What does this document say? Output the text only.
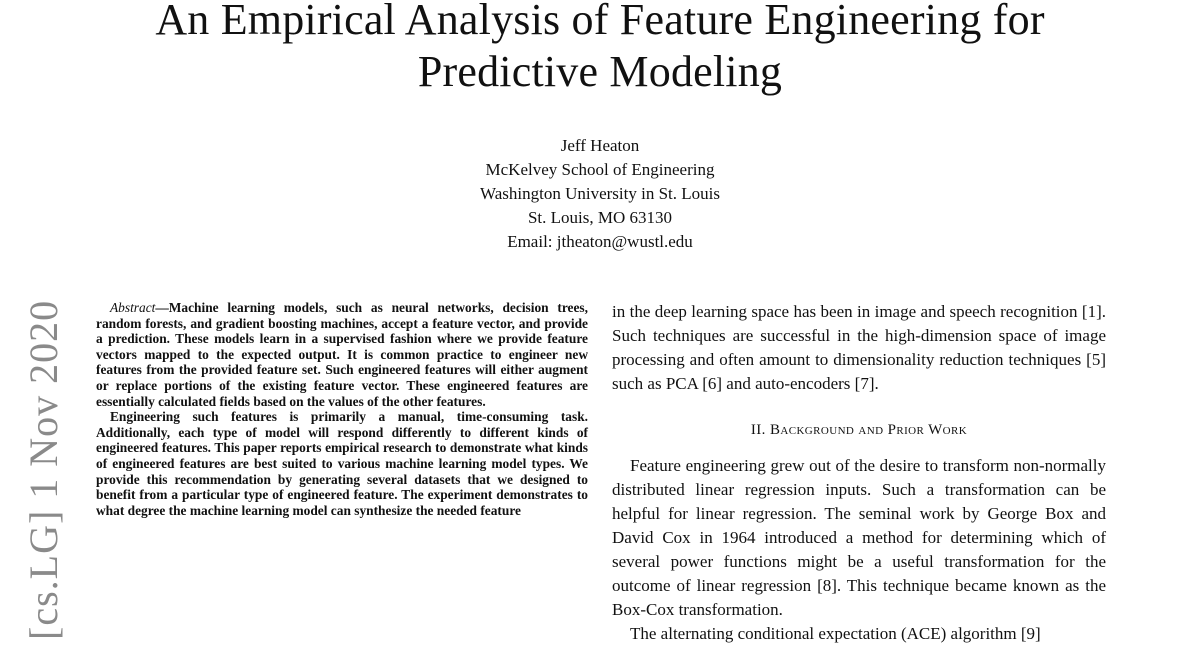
An Empirical Analysis of Feature Engineering for
Predictive Modeling
Jeff Heaton
McKelvey School of Engineering
Washington University in St. Louis
St. Louis, MO 63130
Email: jtheaton@wustl.edu
[cs.LG] 1 Nov 2020	Abstract—Machine learning models, such as neural networks, decision trees, random forests, and gradient boosting machines, accept a feature vector, and provide a prediction. These models learn in a supervised fashion where we provide feature vectors mapped to the expected output. It is common practice to engineer new features from the provided feature set. Such engineered features will either augment or replace portions of the existing feature vector. These engineered features are essentially calculated fields based on the values of the other features.

Engineering such features is primarily a manual, time-consuming task. Additionally, each type of model will respond differently to different kinds of engineered features. This paper reports empirical research to demonstrate what kinds of engineered features are best suited to various machine learning model types. We provide this recommendation by generating several datasets that we designed to benefit from a particular type of engineered feature. The experiment demonstrates to what degree the machine learning model can synthesize the needed feature

in the deep learning space has been in image and speech recognition [1]. Such techniques are successful in the high-dimension space of image processing and often amount to dimensionality reduction techniques [5] such as PCA [6] and auto-encoders [7].

II. Background and Prior Work

Feature engineering grew out of the desire to transform non-normally distributed linear regression inputs. Such a transformation can be helpful for linear regression. The seminal work by George Box and David Cox in 1964 introduced a method for determining which of several power functions might be a useful transformation for the outcome of linear regression [8]. This technique became known as the Box-Cox transformation.

The alternating conditional expectation (ACE) algorithm [9]
